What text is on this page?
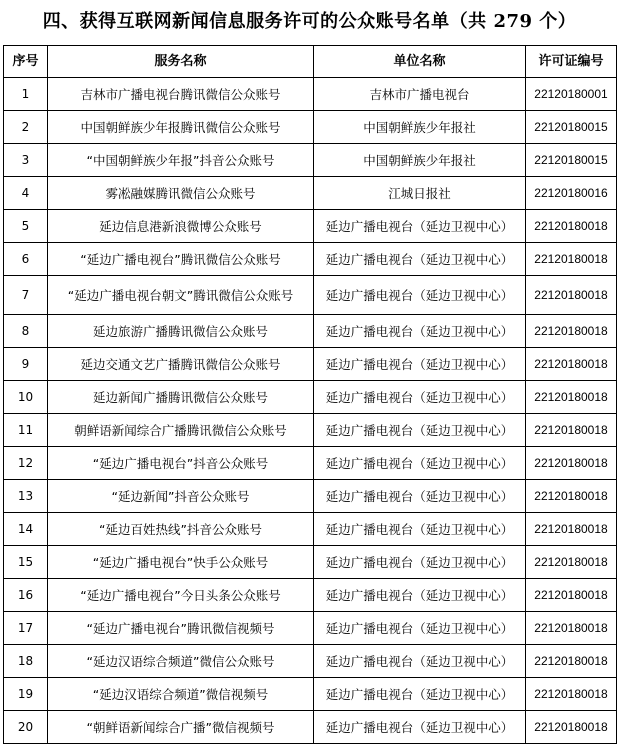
四、获得互联网新闻信息服务许可的公众账号名单（共 279 个）
序号	服务名称	单位名称	许可证编号
1	吉林市广播电视台腾讯微信公众账号	吉林市广播电视台	22120180001
2	中国朝鲜族少年报腾讯微信公众账号	中国朝鲜族少年报社	22120180015
3	“中国朝鲜族少年报”抖音公众账号	中国朝鲜族少年报社	22120180015
4	雾凇融媒腾讯微信公众账号	江城日报社	22120180016
5	延边信息港新浪微博公众账号	延边广播电视台（延边卫视中心）	22120180018
6	“延边广播电视台”腾讯微信公众账号	延边广播电视台（延边卫视中心）	22120180018
7	“延边广播电视台朝文”腾讯微信公众账号	延边广播电视台（延边卫视中心）	22120180018
8	延边旅游广播腾讯微信公众账号	延边广播电视台（延边卫视中心）	22120180018
9	延边交通文艺广播腾讯微信公众账号	延边广播电视台（延边卫视中心）	22120180018
10	延边新闻广播腾讯微信公众账号	延边广播电视台（延边卫视中心）	22120180018
11	朝鲜语新闻综合广播腾讯微信公众账号	延边广播电视台（延边卫视中心）	22120180018
12	“延边广播电视台”抖音公众账号	延边广播电视台（延边卫视中心）	22120180018
13	“延边新闻”抖音公众账号	延边广播电视台（延边卫视中心）	22120180018
14	“延边百姓热线”抖音公众账号	延边广播电视台（延边卫视中心）	22120180018
15	“延边广播电视台”快手公众账号	延边广播电视台（延边卫视中心）	22120180018
16	“延边广播电视台”今日头条公众账号	延边广播电视台（延边卫视中心）	22120180018
17	“延边广播电视台”腾讯微信视频号	延边广播电视台（延边卫视中心）	22120180018
18	“延边汉语综合频道”微信公众账号	延边广播电视台（延边卫视中心）	22120180018
19	“延边汉语综合频道”微信视频号	延边广播电视台（延边卫视中心）	22120180018
20	“朝鲜语新闻综合广播”微信视频号	延边广播电视台（延边卫视中心）	22120180018
